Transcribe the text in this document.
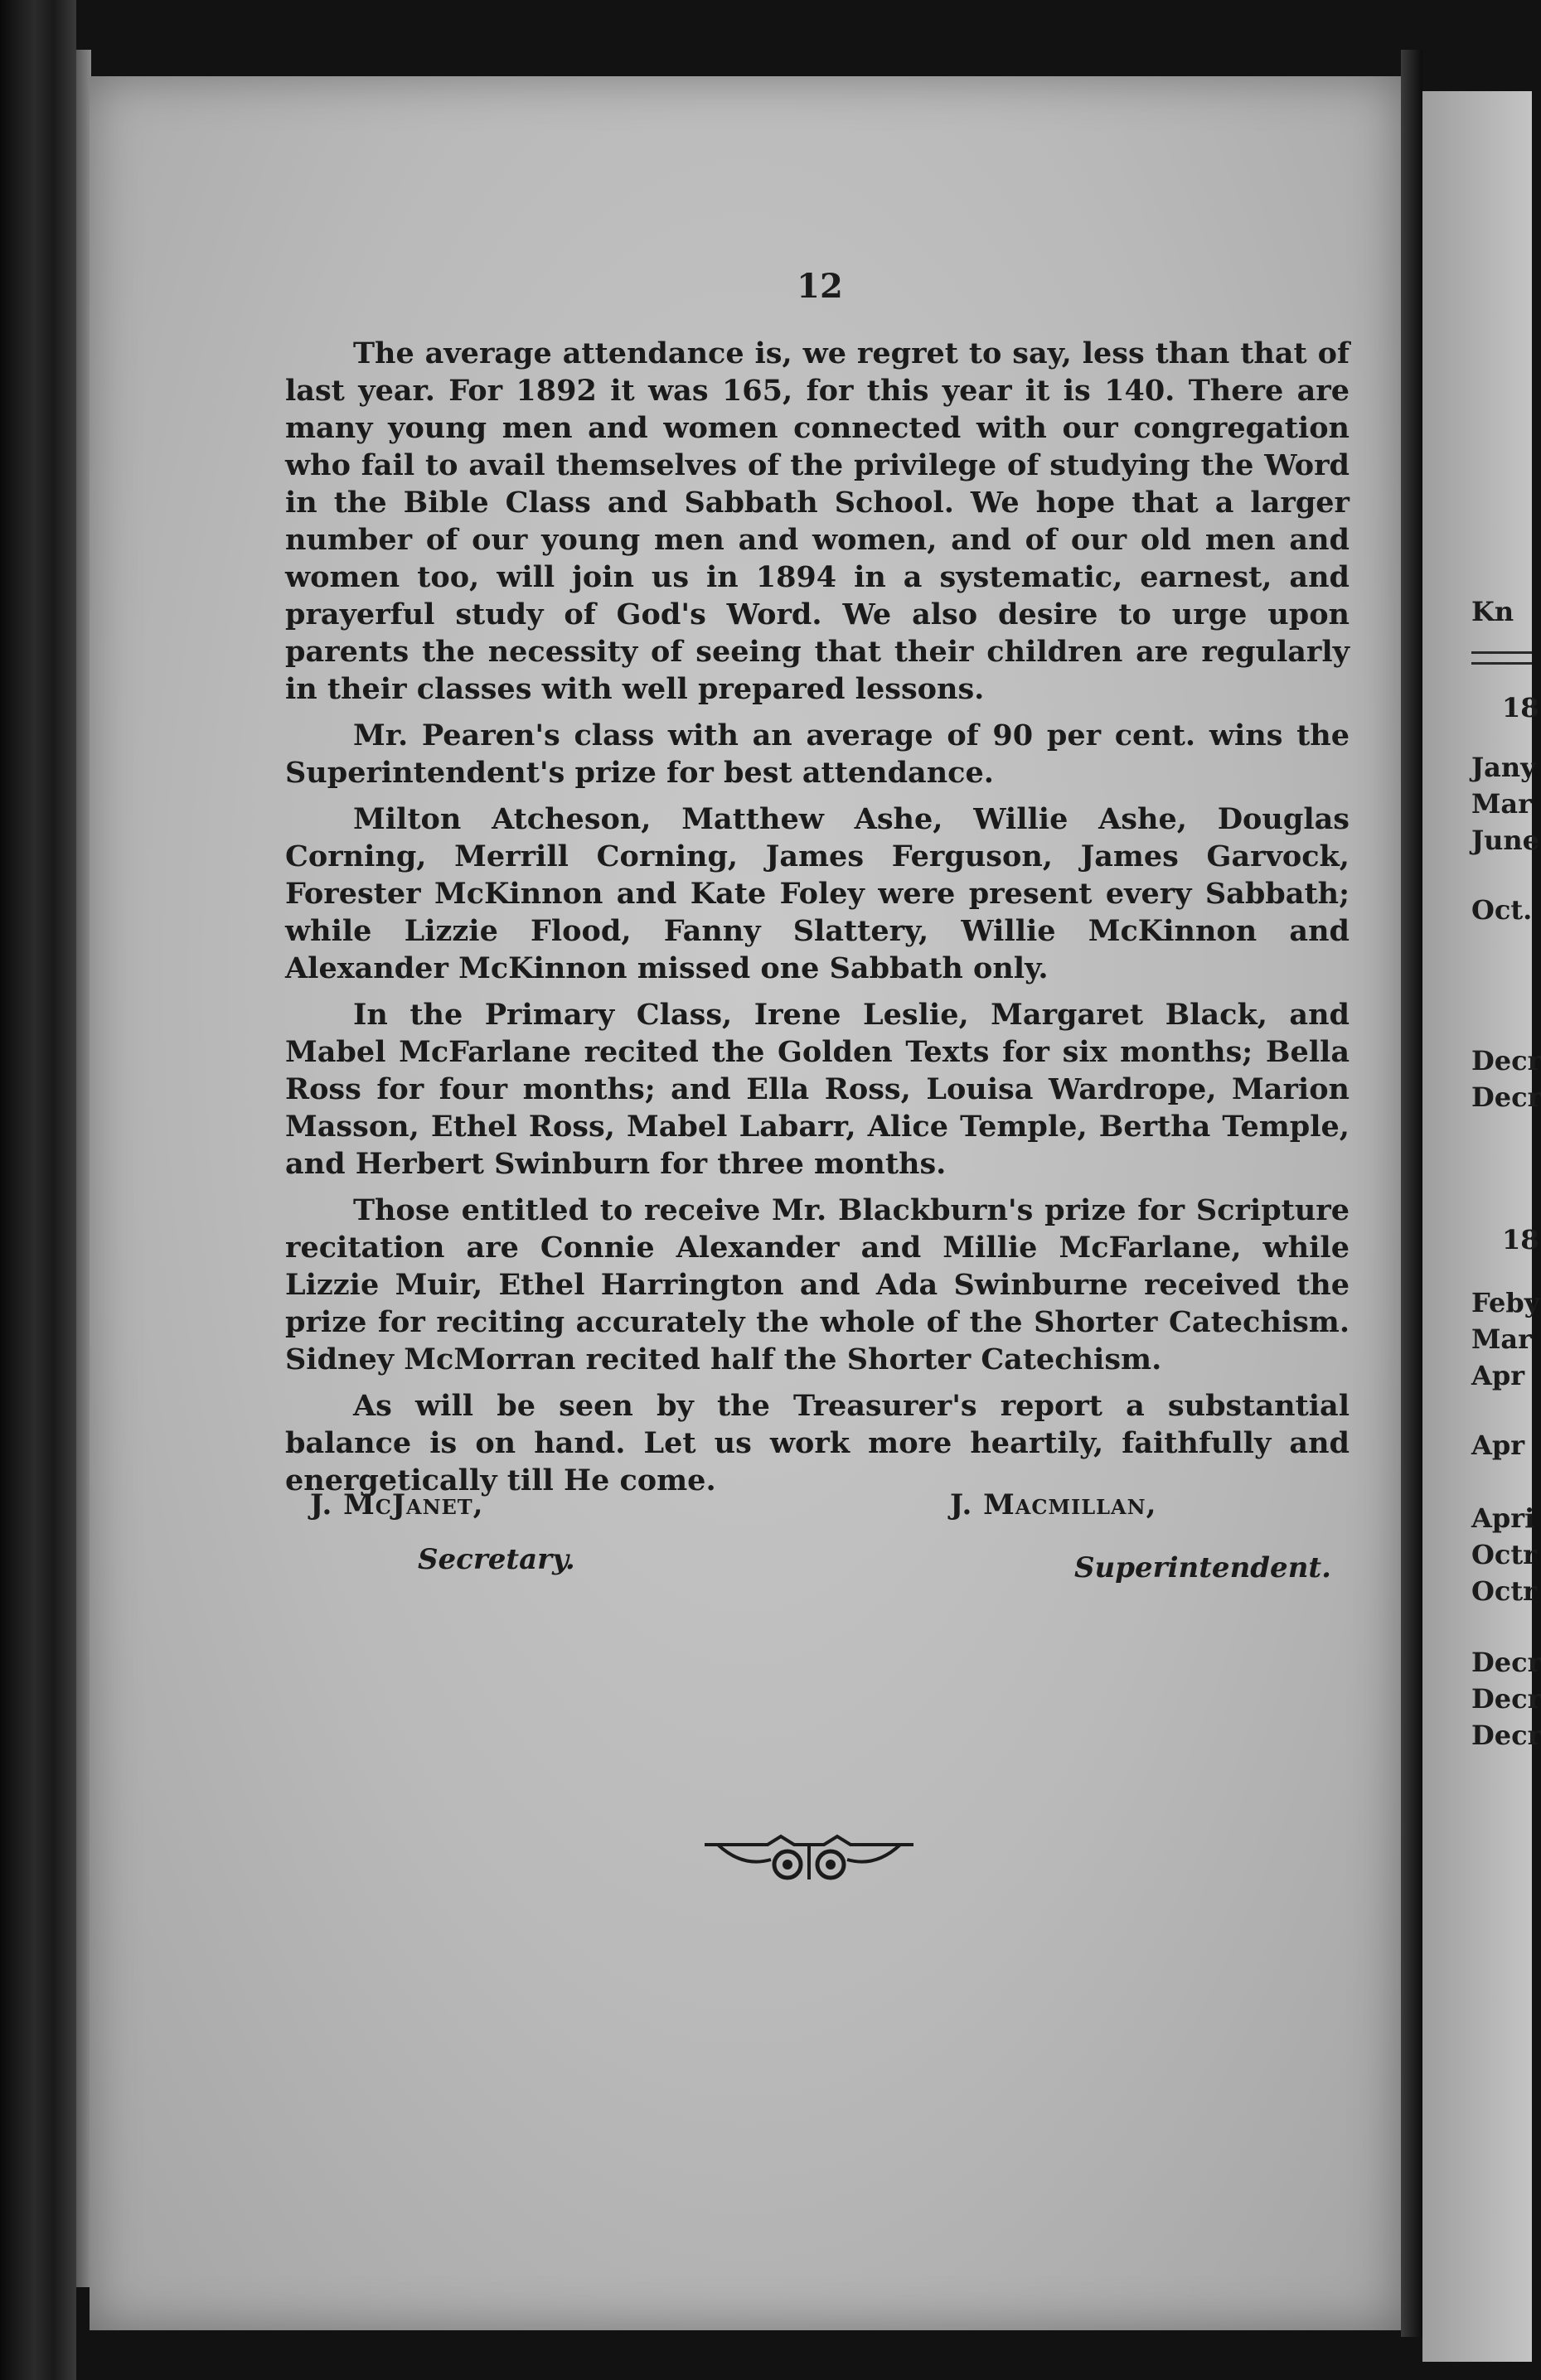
Kn
18
Jany
Mar
June
Oct.
Decr
Decr
18
Feby
Mar
Apr
Apr
Apri
Octr
Octr
Decr
Decr
Decr
12

The average attendance is, we regret to say, less than that of last year. For 1892 it was 165, for this year it is 140. There are many young men and women connected with our congregation who fail to avail themselves of the privilege of studying the Word in the Bible Class and Sabbath School. We hope that a larger number of our young men and women, and of our old men and women too, will join us in 1894 in a systematic, earnest, and prayerful study of God's Word. We also desire to urge upon parents the necessity of seeing that their children are regularly in their classes with well prepared lessons.

Mr. Pearen's class with an average of 90 per cent. wins the Superintendent's prize for best attendance.

Milton Atcheson, Matthew Ashe, Willie Ashe, Douglas Corning, Merrill Corning, James Ferguson, James Garvock, Forester McKinnon and Kate Foley were present every Sabbath; while Lizzie Flood, Fanny Slattery, Willie McKinnon and Alexander McKinnon missed one Sabbath only.

In the Primary Class, Irene Leslie, Margaret Black, and Mabel McFarlane recited the Golden Texts for six months; Bella Ross for four months; and Ella Ross, Louisa Wardrope, Marion Masson, Ethel Ross, Mabel Labarr, Alice Temple, Bertha Temple, and Herbert Swinburn for three months.

Those entitled to receive Mr. Blackburn's prize for Scripture recitation are Connie Alexander and Millie McFarlane, while Lizzie Muir, Ethel Harrington and Ada Swinburne received the prize for reciting accurately the whole of the Shorter Catechism. Sidney McMorran recited half the Shorter Catechism.

As will be seen by the Treasurer's report a substantial balance is on hand. Let us work more heartily, faithfully and energetically till He come.

J. McJanet,
Secretary.
J. Macmillan,
Superintendent.
